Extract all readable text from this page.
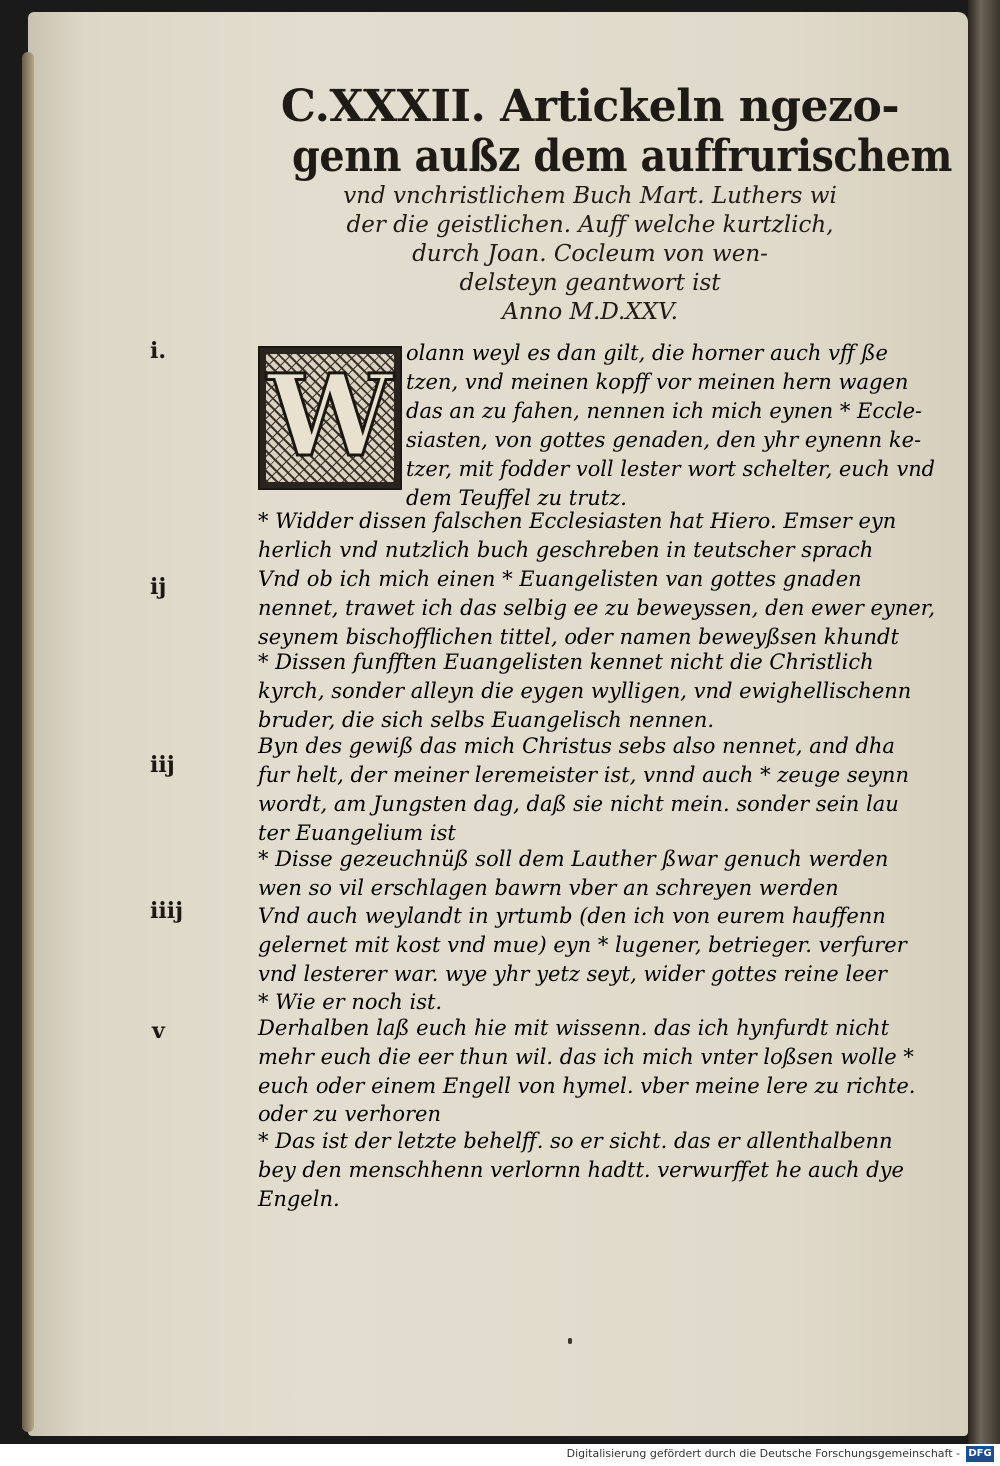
C.XXXII. Artickeln ngezo-

genn außz dem auffrurischem

vnd vnchristlichem Buch Mart. Luthers wi

der die geistlichen. Auff welche kurtzlich,

durch Joan. Cocleum von wen-

delsteyn geantwort ist

Anno M.D.XXV.

W
i.
ij
iij
iiij
v
olann weyl es dan gilt, die horner auch vff ße
tzen, vnd meinen kopff vor meinen hern wagen
das an zu fahen, nennen ich mich eynen * Eccle-
siasten, von gottes genaden, den yhr eynenn ke-
tzer, mit fodder voll lester wort schelter, euch vnd
dem Teuffel zu trutz.
* Widder dissen falschen Ecclesiasten hat Hiero. Emser eyn
herlich vnd nutzlich buch geschreben in teutscher sprach
Vnd ob ich mich einen * Euangelisten van gottes gnaden
nennet, trawet ich das selbig ee zu beweyssen, den ewer eyner,
seynem bischofflichen tittel, oder namen beweyßsen khundt
* Dissen funfften Euangelisten kennet nicht die Christlich
kyrch, sonder alleyn die eygen wylligen, vnd ewighellischenn
bruder, die sich selbs Euangelisch nennen.
Byn des gewiß das mich Christus sebs also nennet, and dha
fur helt, der meiner leremeister ist, vnnd auch * zeuge seynn
wordt, am Jungsten dag, daß sie nicht mein. sonder sein lau
ter Euangelium ist
* Disse gezeuchnüß soll dem Lauther ßwar genuch werden
wen so vil erschlagen bawrn vber an schreyen werden
Vnd auch weylandt in yrtumb (den ich von eurem hauffenn
gelernet mit kost vnd mue) eyn * lugener, betrieger. verfurer
vnd lesterer war. wye yhr yetz seyt, wider gottes reine leer
* Wie er noch ist.
Derhalben laß euch hie mit wissenn. das ich hynfurdt nicht
mehr euch die eer thun wil. das ich mich vnter loßsen wolle *
euch oder einem Engell von hymel. vber meine lere zu richte.
oder zu verhoren
* Das ist der letzte behelff. so er sicht. das er allenthalbenn
bey den menschhenn verlornn hadtt. verwurffet he auch dye
Engeln.
Digitalisierung gefördert durch die Deutsche Forschungsgemeinschaft - DFG
